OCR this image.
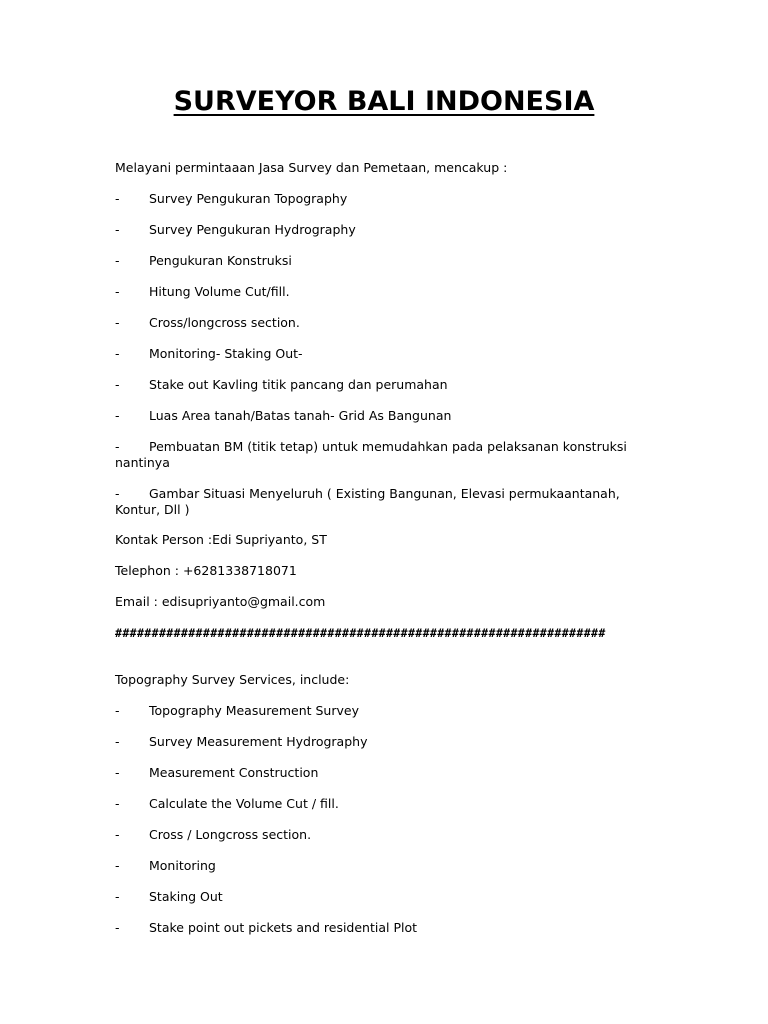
SURVEYOR BALI INDONESIA
Melayani permintaaan Jasa Survey dan Pemetaan, mencakup :
- Survey Pengukuran Topography
- Survey Pengukuran Hydrography
- Pengukuran Konstruksi
- Hitung Volume Cut/fill.
- Cross/longcross section.
- Monitoring- Staking Out-
- Stake out Kavling titik pancang dan perumahan
- Luas Area tanah/Batas tanah- Grid As Bangunan
- Pembuatan BM (titik tetap) untuk memudahkan pada pelaksanan konstruksi nantinya
- Gambar Situasi Menyeluruh ( Existing Bangunan, Elevasi permukaantanah, Kontur, Dll )
Kontak Person :Edi Supriyanto, ST
Telephon : +6281338718071
Email : edisupriyanto@gmail.com
###################################################################
Topography Survey Services, include:
- Topography Measurement Survey
- Survey Measurement Hydrography
- Measurement Construction
- Calculate the Volume Cut / fill.
- Cross / Longcross section.
- Monitoring
- Staking Out
- Stake point out pickets and residential Plot
